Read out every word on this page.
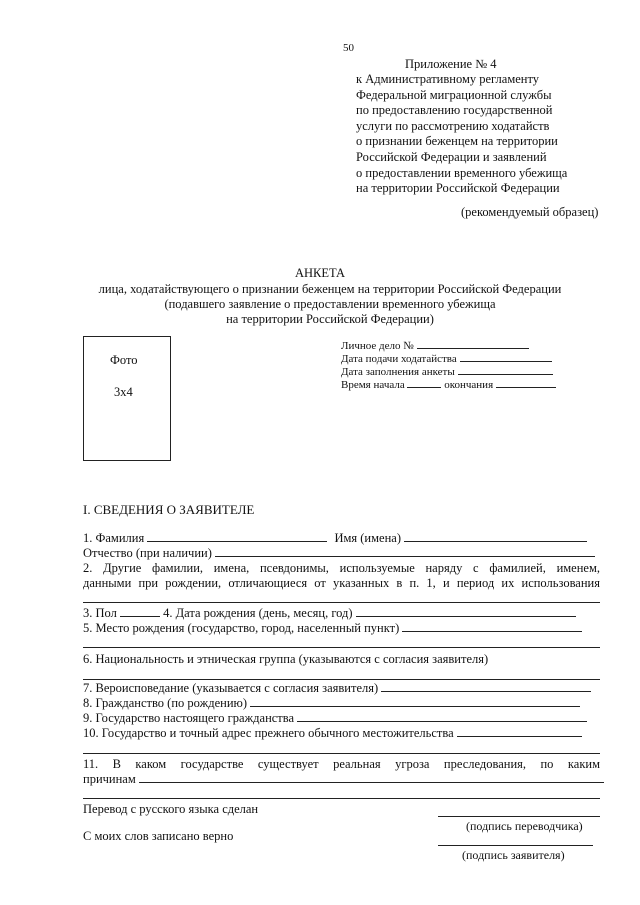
50
Приложение № 4

к Административному регламенту

Федеральной миграционной службы

по предоставлению государственной

услуги по рассмотрению ходатайств

о признании беженцем на территории

Российской Федерации и заявлений

о предоставлении временного убежища

на территории Российской Федерации

(рекомендуемый образец)
АНКЕТА
лица, ходатайствующего о признании беженцем на территории Российской Федерации
(подавшего заявление о предоставлении временного убежища
на территории Российской Федерации)
Фото
3x4
Личное дело №
Дата подачи ходатайства
Дата заполнения анкеты
Время начала	окончания
I. СВЕДЕНИЯ О ЗАЯВИТЕЛЕ
1. Фамилия	Имя (имена)
Отчество (при наличии)
2. Другие фамилии, имена, псевдонимы, используемые наряду с фамилией, именем,
данными при рождении, отличающиеся от указанных в п. 1, и период их использования
3. Пол	4. Дата рождения (день, месяц, год)
5. Место рождения (государство, город, населенный пункт)
6. Национальность и этническая группа (указываются с согласия заявителя)
7. Вероисповедание (указывается с согласия заявителя)
8. Гражданство (по рождению)
9. Государство настоящего гражданства
10. Государство и точный адрес прежнего обычного местожительства
11. В каком государстве существует реальная угроза преследования, по каким
причинам
Перевод с русского языка сделан
(подпись переводчика)
С моих слов записано верно
(подпись заявителя)
